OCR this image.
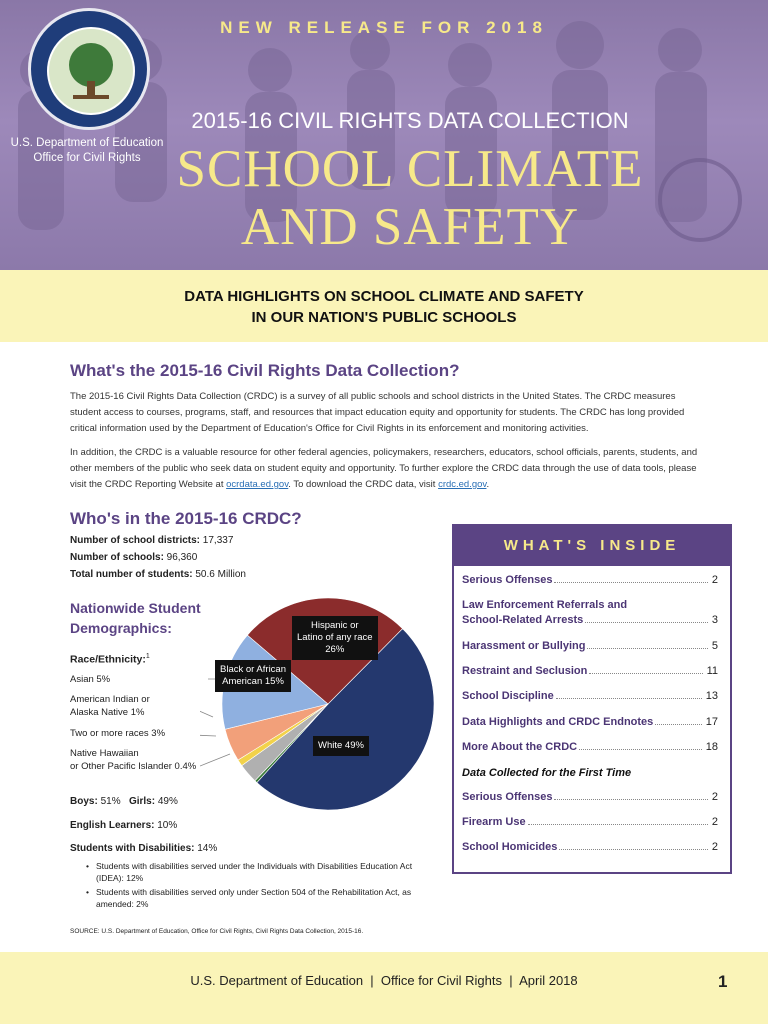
U.S. Department of Education
Office for Civil Rights
NEW RELEASE FOR 2018
2015-16 CIVIL RIGHTS DATA COLLECTION
SCHOOL CLIMATE
AND SAFETY
DATA HIGHLIGHTS ON SCHOOL CLIMATE AND SAFETY
IN OUR NATION'S PUBLIC SCHOOLS
What's the 2015-16 Civil Rights Data Collection?
The 2015-16 Civil Rights Data Collection (CRDC) is a survey of all public schools and school districts in the United States. The CRDC measures student access to courses, programs, staff, and resources that impact education equity and opportunity for students. The CRDC has long provided critical information used by the Department of Education's Office for Civil Rights in its enforcement and monitoring activities.
In addition, the CRDC is a valuable resource for other federal agencies, policymakers, researchers, educators, school officials, parents, students, and other members of the public who seek data on student equity and opportunity. To further explore the CRDC data through the use of data tools, please visit the CRDC Reporting Website at ocrdata.ed.gov. To download the CRDC data, visit crdc.ed.gov.
Who's in the 2015-16 CRDC?
Number of school districts: 17,337
Number of schools: 96,360
Total number of students: 50.6 Million
Nationwide Student
Demographics:
Race/Ethnicity:$^1$
Asian 5%
American Indian or
Alaska Native 1%
Two or more races 3%
Native Hawaiian
or Other Pacific Islander 0.4%
Hispanic or
Latino of any race
26%
Black or African
American 15%
White 49%
Boys: 51% Girls: 49%
English Learners: 10%
Students with Disabilities: 14%
• Students with disabilities served under the Individuals with Disabilities Education Act (IDEA): 12%
• Students with disabilities served only under Section 504 of the Rehabilitation Act, as amended: 2%
SOURCE: U.S. Department of Education, Office for Civil Rights, Civil Rights Data Collection, 2015-16.
WHAT'S INSIDE
Serious Offenses	2
Law Enforcement Referrals and
School-Related Arrests	3
Harassment or Bullying	5
Restraint and Seclusion	11
School Discipline	13
Data Highlights and CRDC Endnotes	17
More About the CRDC	18
Data Collected for the First Time
Serious Offenses	2
Firearm Use	2
School Homicides	2
U.S. Department of Education  |  Office for Civil Rights  |  April 2018	1
